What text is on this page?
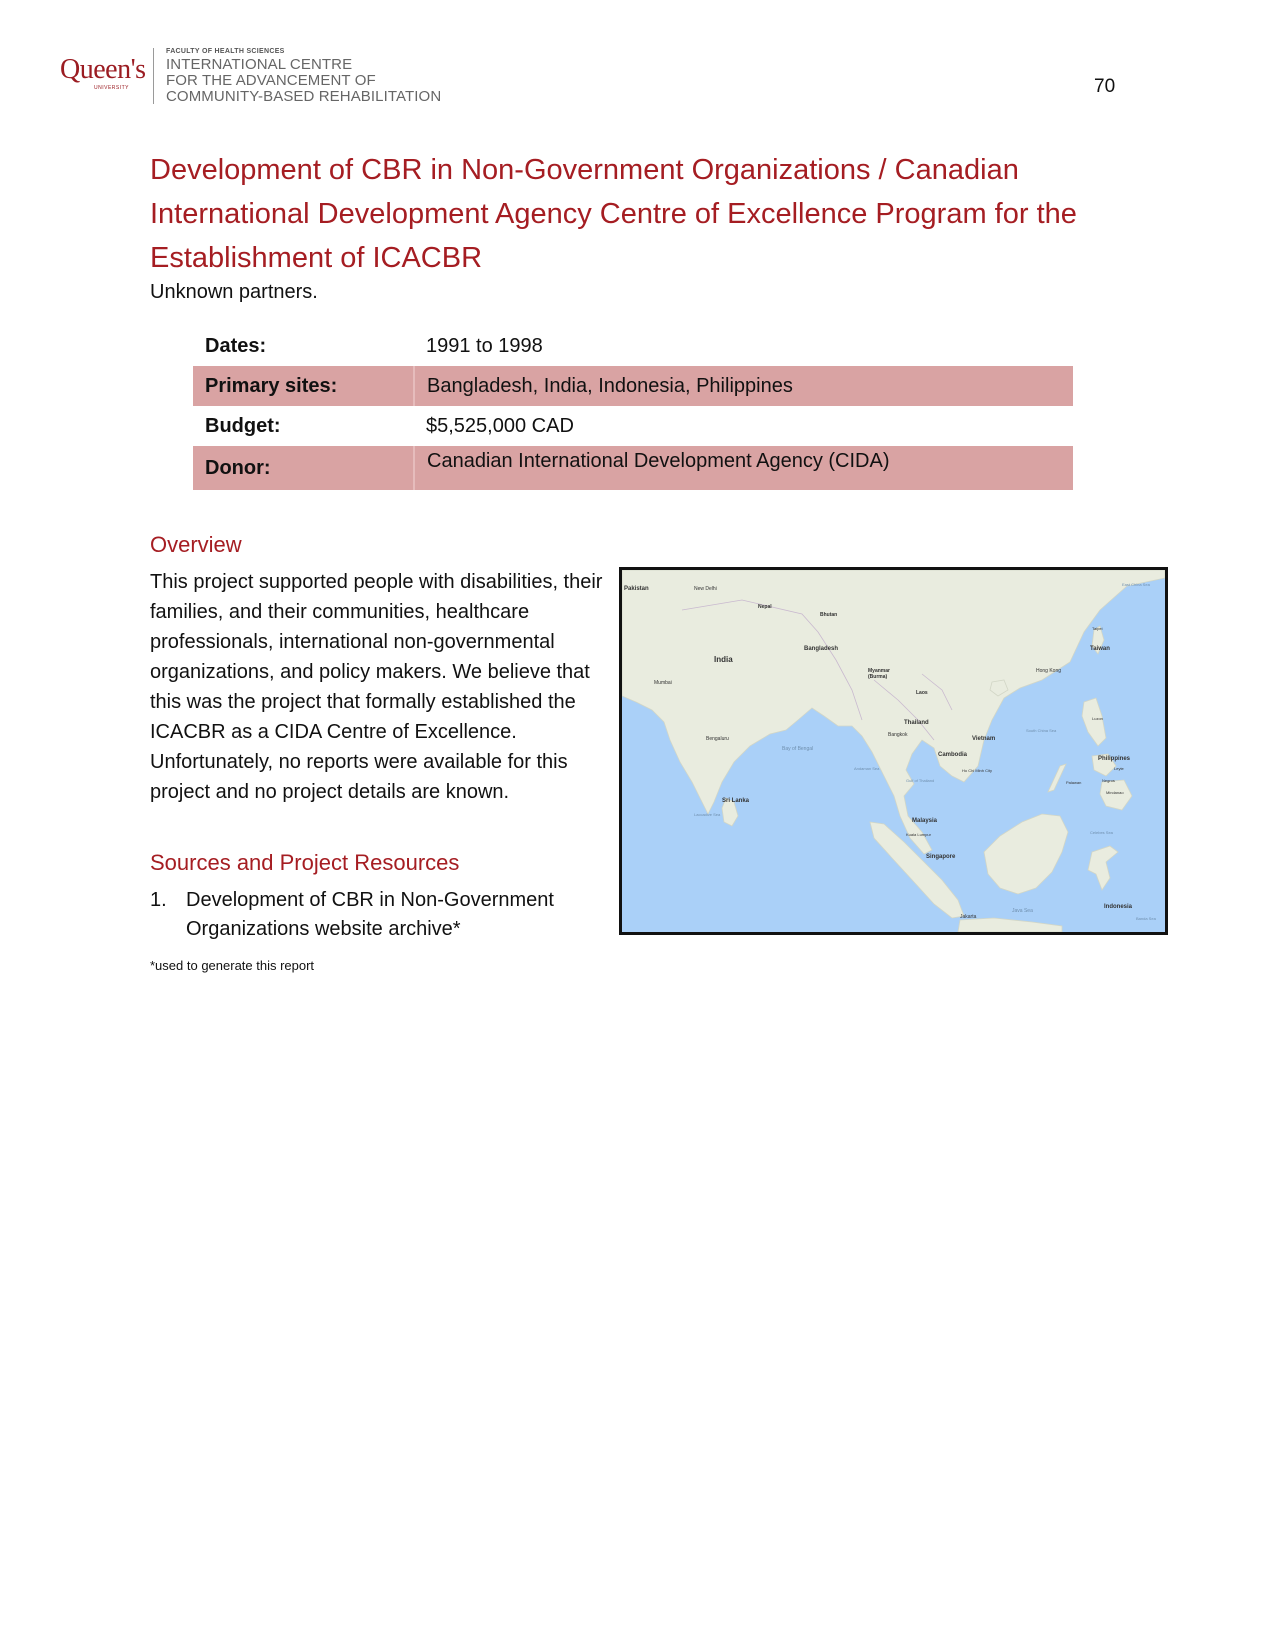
Queen's
UNIVERSITY
FACULTY OF HEALTH SCIENCES
INTERNATIONAL CENTRE
FOR THE ADVANCEMENT OF
COMMUNITY-BASED REHABILITATION	70
Development of CBR in Non-Government Organizations / Canadian International Development Agency Centre of Excellence Program for the Establishment of ICACBR
Unknown partners.
Dates:	1991 to 1998
Primary sites:	Bangladesh, India, Indonesia, Philippines
Budget:	$5,525,000 CAD
Donor:	Canadian International Development Agency (CIDA)
Overview
This project supported people with disabilities, their families, and their communities, healthcare professionals, international non-governmental organizations, and policy makers. We believe that this was the project that formally established the ICACBR as a CIDA Centre of Excellence. Unfortunately, no reports were available for this project and no project details are known.
Sources and Project Resources
1. Development of CBR in Non-Government Organizations website archive*
*used to generate this report
Pakistan	New Delhi
Nepal
Bhutan
Bangladesh
India
Mumbai
Myanmar
(Burma)
Laos
Thailand
Bangkok
Vietnam
Cambodia
Ho Chi Minh City
Bengaluru
Bay of Bengal
Andaman Sea
Gulf of Thailand
Sri Lanka
Laccadive Sea
Malaysia
Kuala Lumpur
Singapore
Jakarta
Java Sea
Indonesia
Hong Kong
Taiwan
Taipei
South China Sea
East China Sea
Philippines
Luzon
Leyte
Negros
Mindanao
Palawan
Celebes Sea
Banda Sea
